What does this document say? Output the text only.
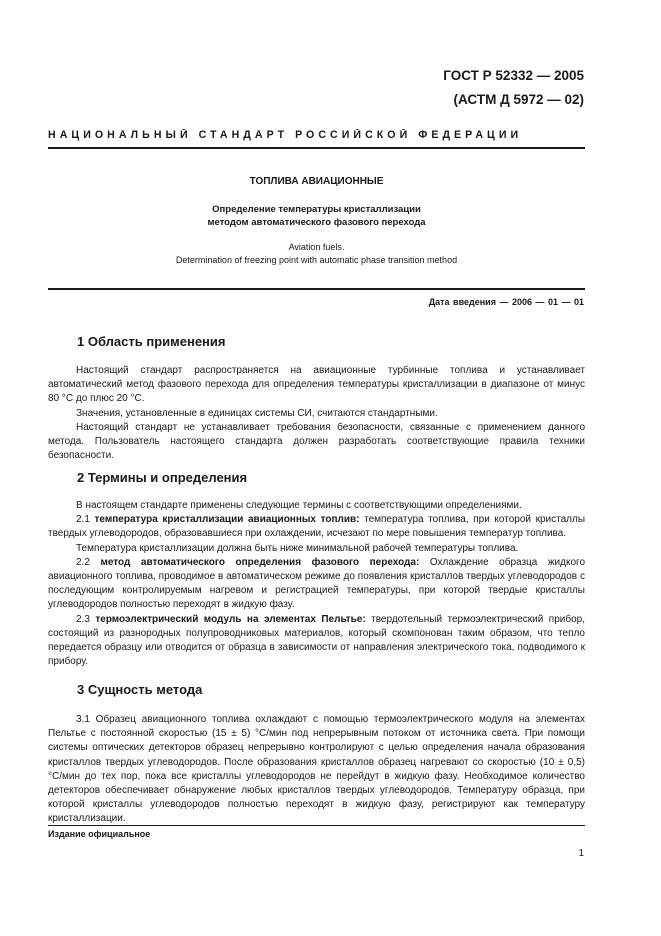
ГОСТ Р 52332 — 2005
(АСТМ Д 5972 — 02)
НАЦИОНАЛЬНЫЙ СТАНДАРТ РОССИЙСКОЙ ФЕДЕРАЦИИ
ТОПЛИВА АВИАЦИОННЫЕ
Определение температуры кристаллизации
методом автоматического фазового перехода
Aviation fuels.
Determination of freezing point with automatic phase transition method
Дата введения — 2006 — 01 — 01
1 Область применения

Настоящий стандарт распространяется на авиационные турбинные топлива и устанавливает автоматический метод фазового перехода для определения температуры кристаллизации в диапазоне от минус 80 °C до плюс 20 °C.

Значения, установленные в единицах системы СИ, считаются стандартными.

Настоящий стандарт не устанавливает требования безопасности, связанные с применением данного метода. Пользователь настоящего стандарта должен разработать соответствующие правила техники безопасности.

2 Термины и определения

В настоящем стандарте применены следующие термины с соответствующими определениями.

2.1 температура кристаллизации авиационных топлив: температура топлива, при которой кристаллы твердых углеводородов, образовавшиеся при охлаждении, исчезают по мере повышения температур топлива.

Температура кристаллизации должна быть ниже минимальной рабочей температуры топлива.

2.2 метод автоматического определения фазового перехода: Охлаждение образца жидкого авиационного топлива, проводимое в автоматическом режиме до появления кристаллов твердых углеводородов с последующим контролируемым нагревом и регистрацией температуры, при которой твердые кристаллы углеводородов полностью переходят в жидкую фазу.

2.3 термоэлектрический модуль на элементах Пельтье: твердотельный термоэлектрический прибор, состоящий из разнородных полупроводниковых материалов, который скомпонован таким образом, что тепло передается образцу или отводится от образца в зависимости от направления электрического тока, подводимого к прибору.

3 Сущность метода

3.1 Образец авиационного топлива охлаждают с помощью термоэлектрического модуля на элементах Пельтье с постоянной скоростью (15 ± 5) °C/мин под непрерывным потоком от источника света. При помощи системы оптических детекторов образец непрерывно контролируют с целью определения начала образования кристаллов твердых углеводородов. После образования кристаллов образец нагревают со скоростью (10 ± 0,5) °C/мин до тех пор, пока все кристаллы углеводородов не перейдут в жидкую фазу. Необходимое количество детекторов обеспечивает обнаружение любых кристаллов твердых углеводородов. Температуру образца, при которой кристаллы углеводородов полностью переходят в жидкую фазу, регистрируют как температуру кристаллизации.

Издание официальное
1
